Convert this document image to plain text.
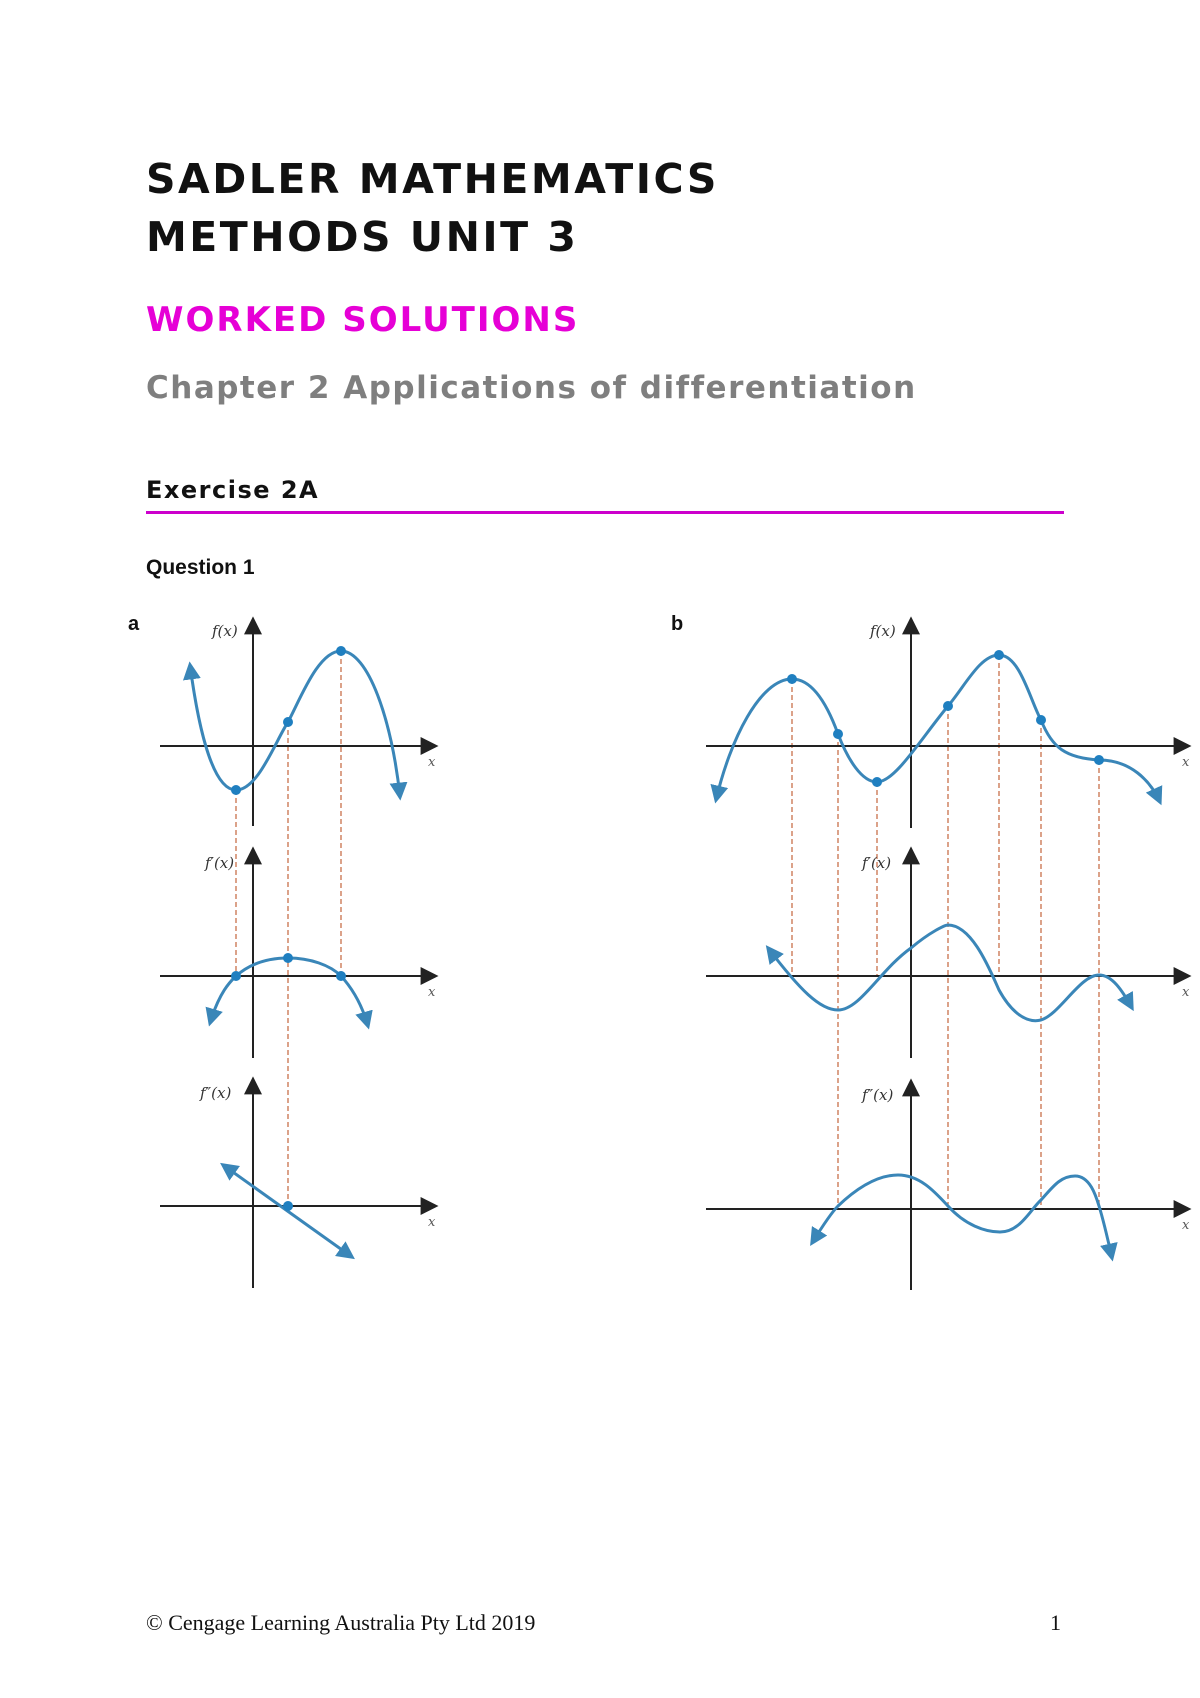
SADLER MATHEMATICS
METHODS UNIT 3
WORKED SOLUTIONS
Chapter 2 Applications of differentiation
Exercise 2A
Question 1
a	f(x)
x
f′(x)
x
f″(x)
x
b	f(x)
x
f′(x)
x
f″(x)
x
© Cengage Learning Australia Pty Ltd 2019	1
